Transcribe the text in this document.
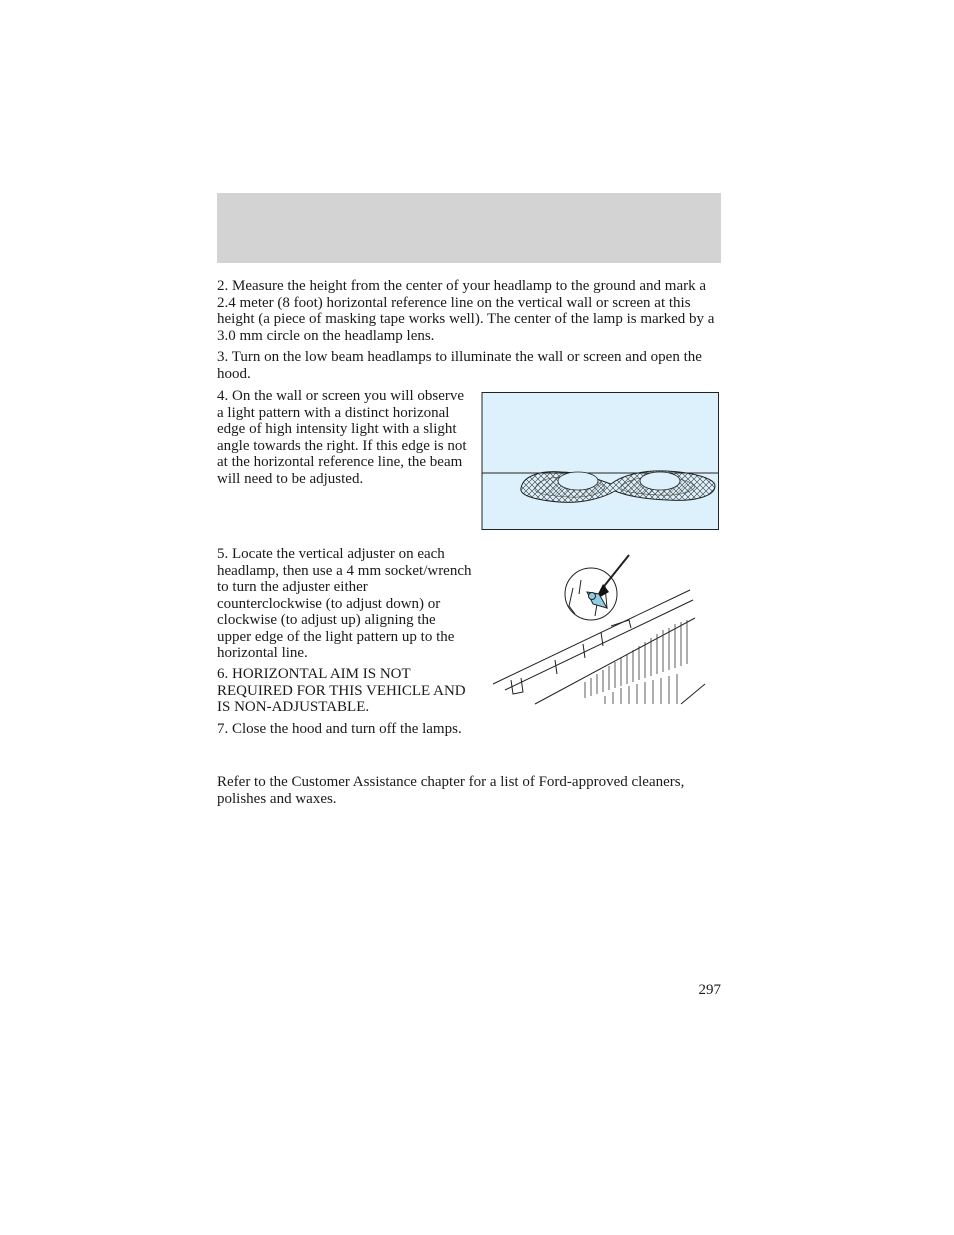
2. Measure the height from the center of your headlamp to the ground and mark a 2.4 meter (8 foot) horizontal reference line on the vertical wall or screen at this height (a piece of masking tape works well). The center of the lamp is marked by a 3.0 mm circle on the headlamp lens.

3. Turn on the low beam headlamps to illuminate the wall or screen and open the hood.

4. On the wall or screen you will observe a light pattern with a distinct horizonal edge of high intensity light with a slight angle towards the right. If this edge is not at the horizontal reference line, the beam will need to be adjusted.

5. Locate the vertical adjuster on each headlamp, then use a 4 mm socket/wrench to turn the adjuster either counterclockwise (to adjust down) or clockwise (to adjust up) aligning the upper edge of the light pattern up to the horizontal line.

6. HORIZONTAL AIM IS NOT REQUIRED FOR THIS VEHICLE AND IS NON-ADJUSTABLE.

7. Close the hood and turn off the lamps.

Refer to the Customer Assistance chapter for a list of Ford-approved cleaners, polishes and waxes.

297
